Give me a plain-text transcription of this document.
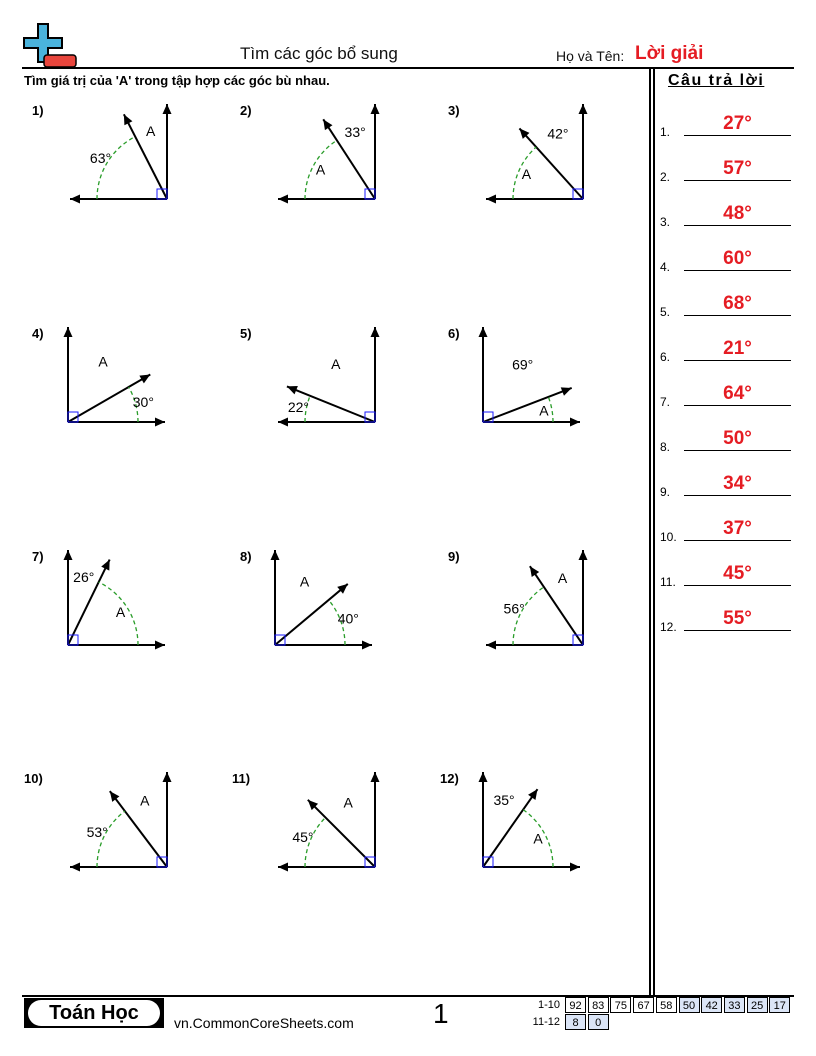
Tìm các góc bổ sung	Họ và Tên: Lời giải
Tìm giá trị của 'A' trong tập hợp các góc bù nhau.	Câu trả lời
1.	27°
2.	57°
3.	48°
4.	60°
5.	68°
6.	21°
7.	64°
8.	50°
9.	34°
10.	37°
11.	45°
12.	55°
1)
63°
A
2)
A
33°
3)
A
42°
4)
30°
A
5)
22°
A
6)
A
69°
7)
A
26°
8)
40°
A
9)
56°
A
10)
53°
A
11)
45°
A
12)
A
35°
Toán Học	vn.CommonCoreSheets.com	1	1-10 92 83 75 67 58 50 42 33 25 17
11-12	8	0
